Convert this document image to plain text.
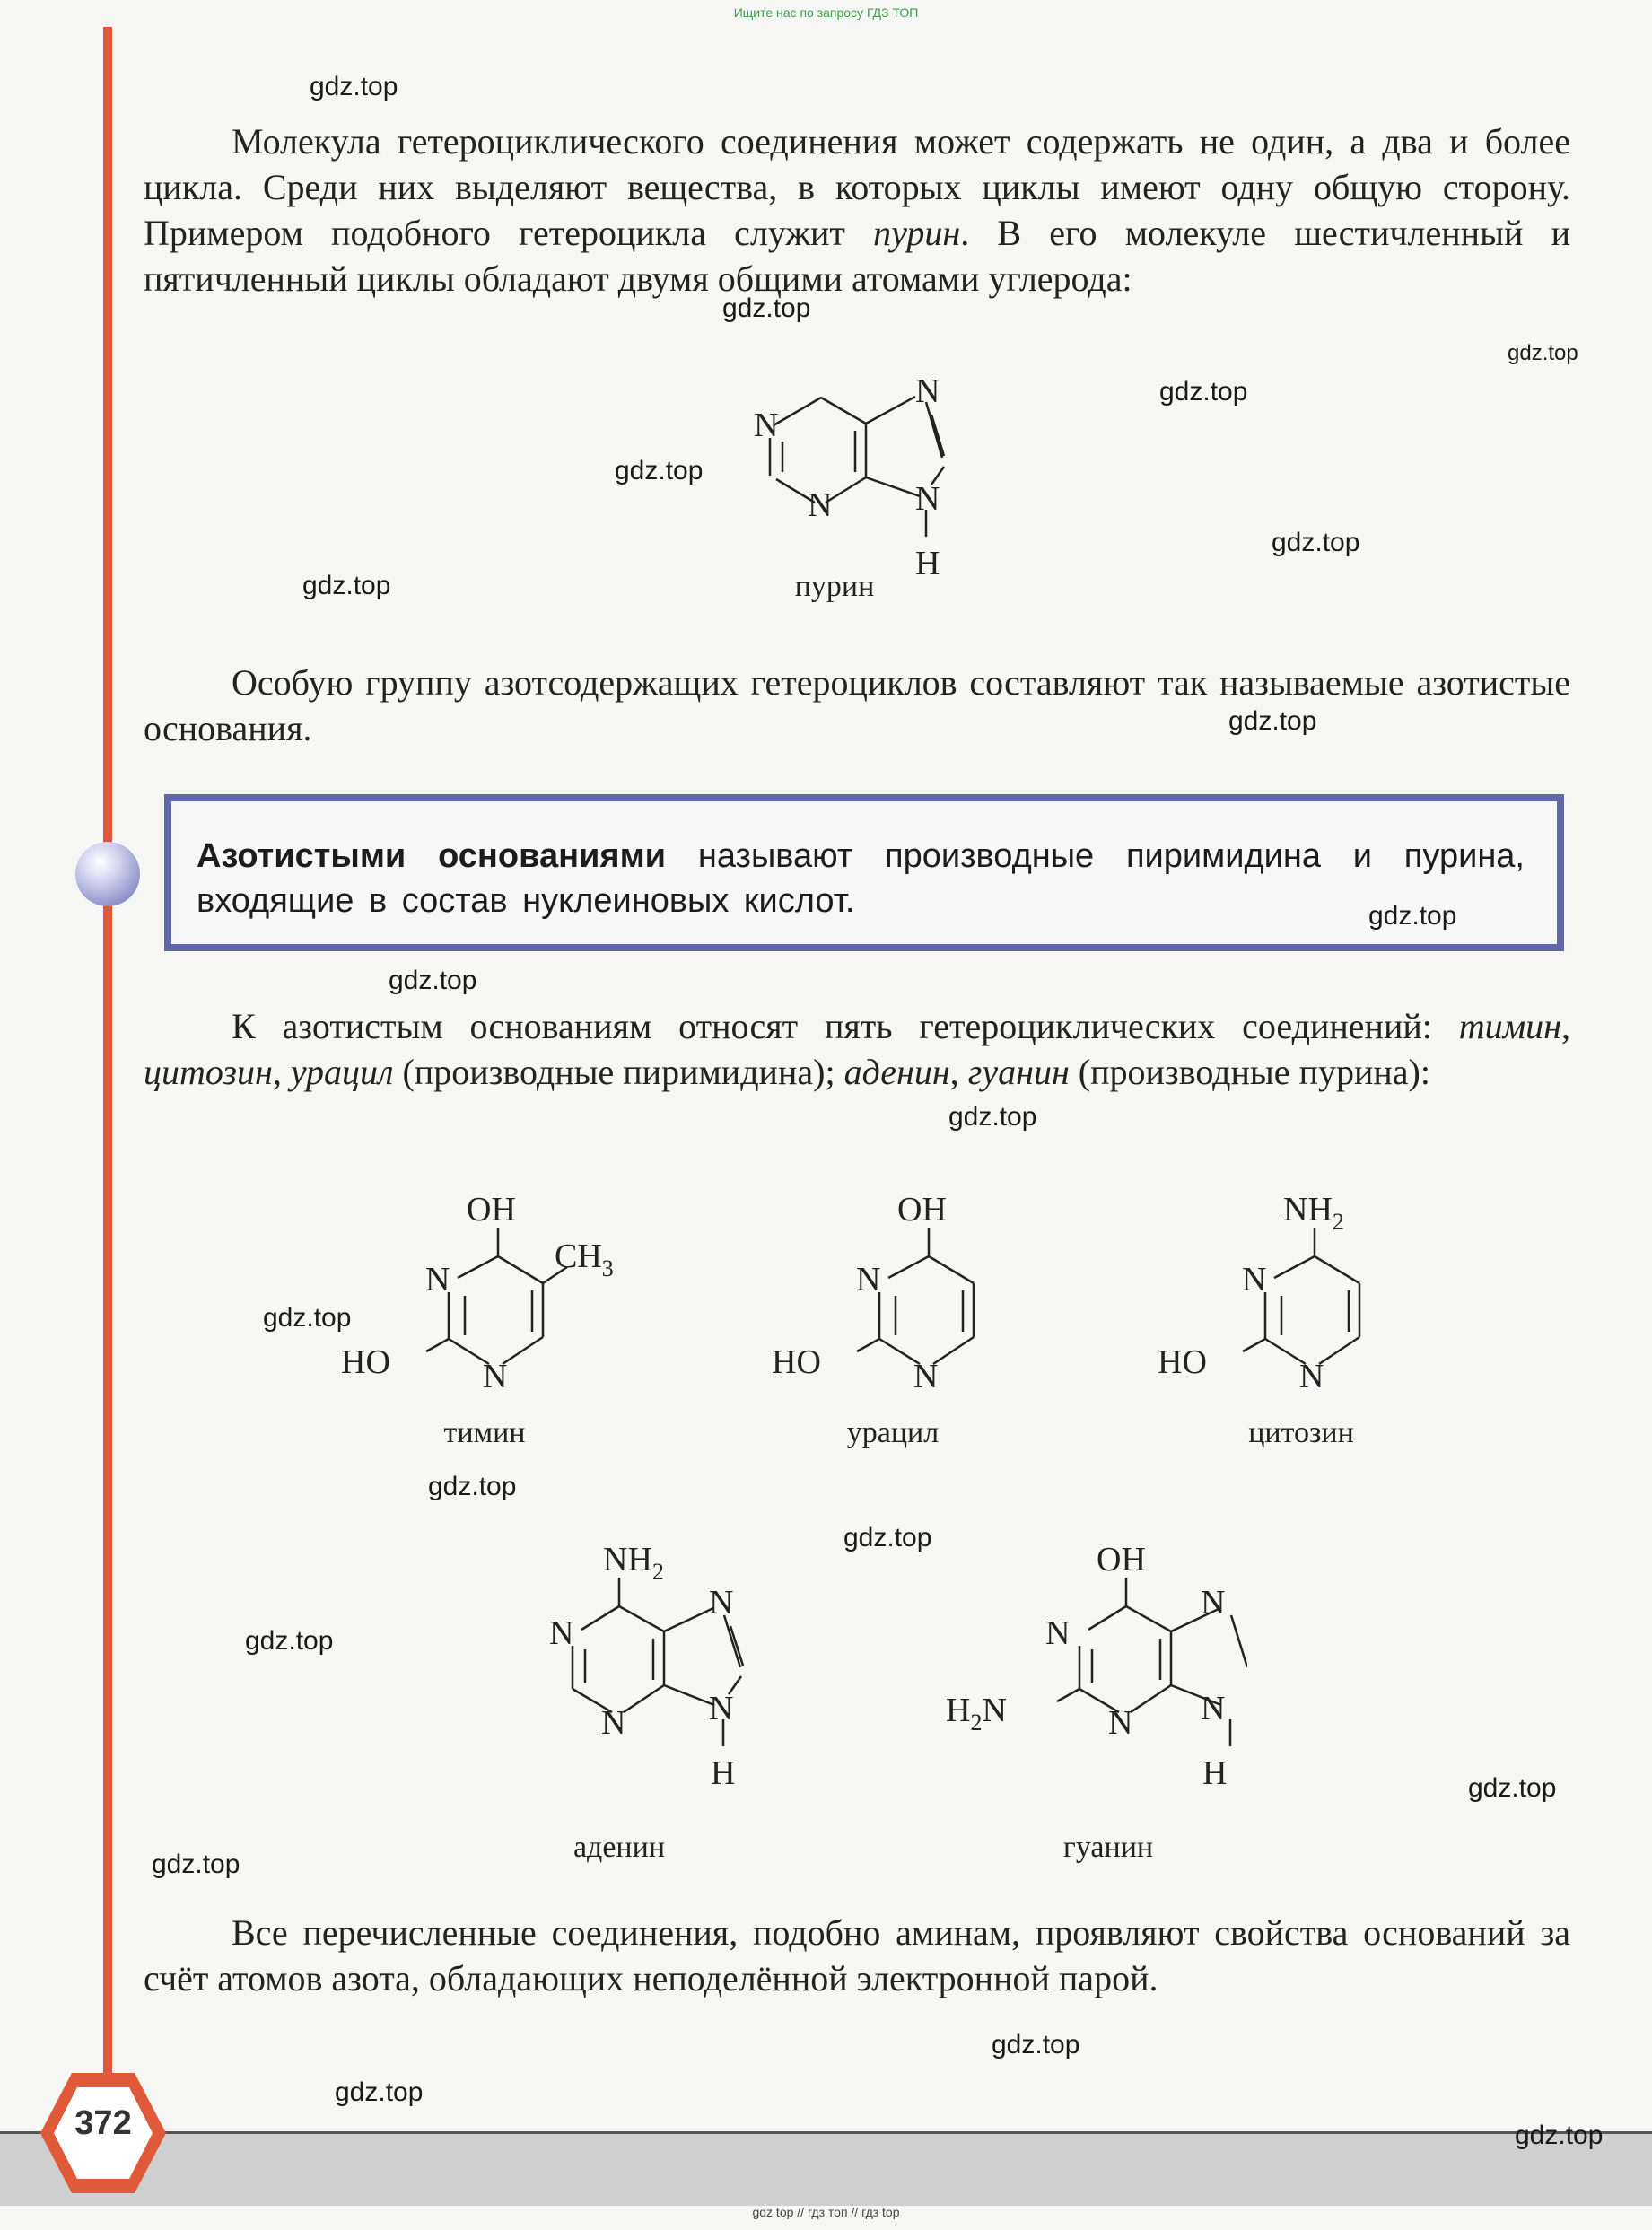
Ищите нас по запросу ГДЗ ТОП

Молекула гетероциклического соединения может содержать не один, а два и более цикла. Среди них выделяют вещества, в которых циклы имеют одну общую сторону. Примером подобного гетероцикла служит пурин. В его молекуле шестичленный и пятичленный циклы обладают двумя общими атомами углерода:

N
N
N
N
H
пурин

Особую группу азотсодержащих гетероциклов составляют так называемые азотистые основания.

Азотистыми основаниями называют производные пиримидина и пурина, входящие в состав нуклеиновых кислот.

К азотистым основаниям относят пять гетероциклических соединений: тимин, цитозин, урацил (производные пиримидина); аденин, гуанин (производные пурина):

OH
$CH_3$
N
N
HO
тимин
OH
N
N
HO
урацил
$NH_2$
N
N
HO
цитозин
$NH_2$
N
N
N
N
H
аденин
OH
N
N
N
N
H
$H_2N$
гуанин

Все перечисленные соединения, подобно аминам, проявляют свойства оснований за счёт атомов азота, обладающих неподелённой электронной парой.

372
gdz.top
gdz.top
gdz.top
gdz.top
gdz.top
gdz.top
gdz.top
gdz.top
gdz.top
gdz.top
gdz.top
gdz.top
gdz.top
gdz.top
gdz.top
gdz.top
gdz.top
gdz.top
gdz.top
gdz.top
gdz top // гдз топ // гдз top
